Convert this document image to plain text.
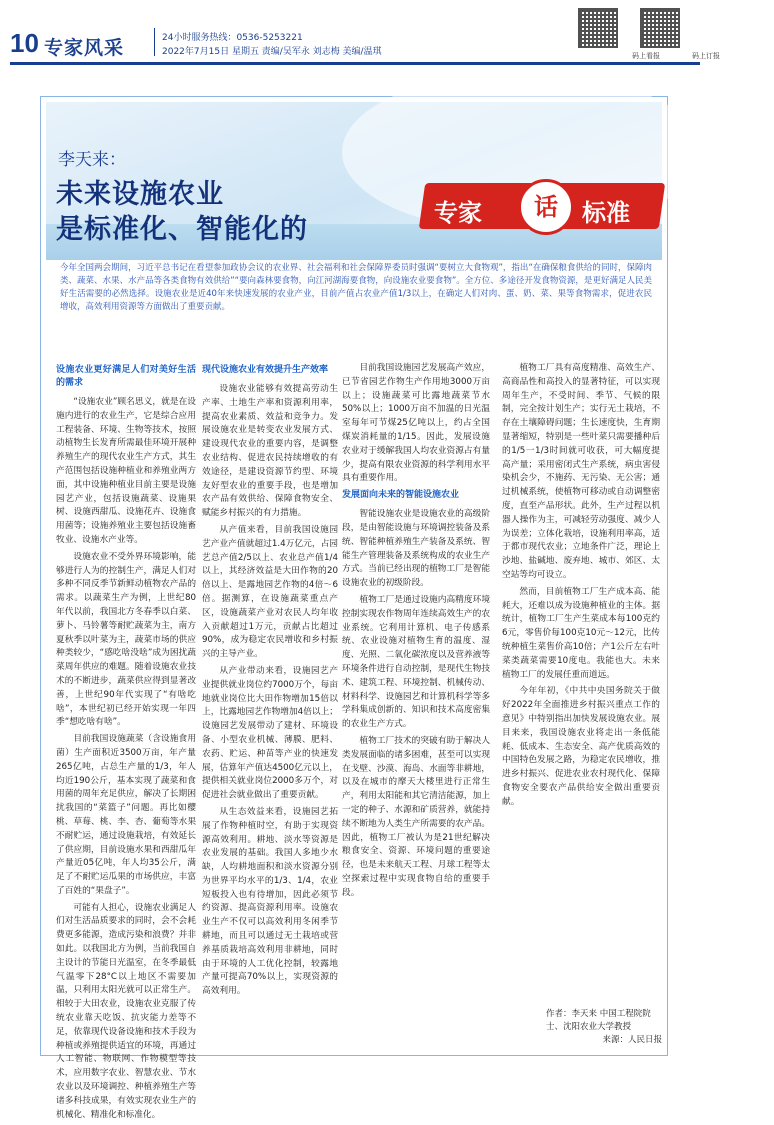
10 专家风采	24小时服务热线：0536-5253221
2022年7月15日 星期五 责编/吴军永 刘志梅 美编/温琪	码上看报	码上订报
李天来：
未来设施农业
是标准化、智能化的
专家	话	标准
今年全国两会期间，习近平总书记在看望参加政协会议的农业界、社会福利和社会保障界委员时强调“要树立大食物观”，指出“在确保粮食供给的同时，保障肉类、蔬菜、水果、水产品等各类食物有效供给”“要向森林要食物，向江河湖海要食物，向设施农业要食物”。全方位、多途径开发食物资源，是更好满足人民美好生活需要的必然选择。设施农业是近40年来快速发展的农业产业，目前产值占农业产值1/3以上，在确定人们对肉、蛋、奶、菜、果等食物需求，促进农民增收，高效利用资源等方面做出了重要贡献。
设施农业更好满足人们对美好生活的需求

“设施农业”顾名思义，就是在设施内进行的农业生产，它是综合应用工程装备、环境、生物等技术，按照动植物生长发育所需最佳环境开展种养殖生产的现代农业生产方式，其生产范围包括设施种植业和养殖业两方面，其中设施种植业目前主要是设施园艺产业，包括设施蔬菜、设施果树、设施西甜瓜、设施花卉、设施食用菌等；设施养殖业主要包括设施畜牧业、设施水产业等。

设施农业不受外界环境影响，能够进行人为的控制生产，满足人们对多种不同反季节新鲜动植物农产品的需求。以蔬菜生产为例，上世纪80年代以前，我国北方冬春季以白菜、萝卜、马铃薯等耐贮蔬菜为主，南方夏秋季以叶菜为主，蔬菜市场的供应种类较少，“感吃啥没啥”成为困扰蔬菜周年供应的难题。随着设施农业技术的不断进步，蔬菜供应得到显著改善，上世纪90年代实现了“有啥吃啥”，本世纪初已经开始实现一年四季“想吃啥有啥”。

目前我国设施蔬菜（含设施食用菌）生产面积近3500万亩，年产量265亿吨，占总生产量的1/3，年人均近190公斤，基本实现了蔬菜和食用菌的周年充足供应，解决了长期困扰我国的“菜篮子”问题。再比如樱桃、草莓、桃、李、杏、葡萄等水果不耐贮运，通过设施栽培，有效延长了供应期，目前设施水果和西甜瓜年产量近05亿吨，年人均35公斤，满足了不耐贮运瓜果的市场供应，丰富了百姓的“果盘子”。

可能有人担心，设施农业满足人们对生活品质要求的同时，会不会耗费更多能源，造成污染和浪费？并非如此。以我国北方为例，当前我国自主设计的节能日光温室，在冬季最低气温零下28°C以上地区不需要加温，只利用太阳光就可以正常生产。相较于大田农业，设施农业克服了传统农业靠天吃饭、抗灾能力差等不足，依靠现代设备设施和技术手段为种植或养殖提供适宜的环境，再通过人工智能、物联网、作物模型等技术，应用数字农业、智慧农业、节水农业以及环境调控、种植养殖生产等诸多科技成果，有效实现农业生产的机械化、精准化和标准化。

现代设施农业有效提升生产效率

设施农业能够有效提高劳动生产率、土地生产率和资源利用率，提高农业素质、效益和竞争力。发展设施农业是转变农业发展方式、建设现代农业的重要内容，是调整农业结构、促进农民持续增收的有效途径，是建设资源节约型、环境友好型农业的重要手段，也是增加农产品有效供给、保障食物安全、赋能乡村振兴的有力措施。

从产值来看，目前我国设施园艺产业产值就超过1.4万亿元，占园艺总产值2/5以上、农业总产值1/4以上，其经济效益是大田作物的20倍以上、是露地园艺作物的4倍～6倍。据测算，在设施蔬菜重点产区，设施蔬菜产业对农民人均年收入贡献超过1万元，贡献占比超过90%，成为稳定农民增收和乡村振兴的主导产业。

从产业带动来看，设施园艺产业提供就业岗位约7000万个，每亩地就业岗位比大田作物增加15倍以上，比露地园艺作物增加4倍以上；设施园艺发展带动了建材、环境设备、小型农业机械、薄膜、肥料、农药、贮运、种苗等产业的快速发展，估算年产值达4500亿元以上，提供相关就业岗位2000多万个，对促进社会就业做出了重要贡献。

从生态效益来看，设施园艺拓展了作物种植时空，有助于实现资源高效利用。耕地、淡水等资源是农业发展的基础。我国人多地少水缺，人均耕地面积和淡水资源分别为世界平均水平的1/3、1/4，农业短板投入也有待增加，因此必须节约资源、提高资源利用率。设施农业生产不仅可以高效利用冬闲季节耕地，而且可以通过无土栽培或营养基质栽培高效利用非耕地，同时由于环境的人工优化控制，较露地产量可提高70%以上，实现资源的高效利用。

目前我国设施园艺发展高产效应，已节省园艺作物生产作用地3000万亩以上；设施蔬菜可比露地蔬菜节水50%以上；1000万亩不加温的日光温室每年可节煤25亿吨以上，约占全国煤炭消耗量的1/15。因此，发展设施农业对于缓解我国人均农业资源占有量少，提高有限农业资源的科学利用水平具有重要作用。

发展面向未来的智能设施农业

智能设施农业是设施农业的高级阶段，是由智能设施与环境调控装备及系统、智能种植养殖生产装备及系统、智能生产管理装备及系统构成的农业生产方式。当前已经出现的植物工厂是智能设施农业的初级阶段。

植物工厂是通过设施内高精度环境控制实现农作物周年连续高效生产的农业系统。它利用计算机、电子传感系统、农业设施对植物生育的温度、湿度、光照、二氧化碳浓度以及营养液等环境条件进行自动控制，是现代生物技术、建筑工程、环境控制、机械传动、材料科学、设施园艺和计算机科学等多学科集成创新的、知识和技术高度密集的农业生产方式。

植物工厂技术的突破有助于解决人类发展面临的诸多困难，甚至可以实现在戈壁、沙漠、海岛、水面等非耕地，以及在城市的摩天大楼里进行正常生产，利用太阳能和其它清洁能源，加上一定的种子、水源和矿质营养，就能持续不断地为人类生产所需要的农产品。因此，植物工厂被认为是21世纪解决粮食安全、资源、环境问题的重要途径，也是未来航天工程、月球工程等太空探索过程中实现食物自给的重要手段。

植物工厂具有高度精准、高效生产、高商品性和高投入的显著特征，可以实现周年生产，不受时间、季节、气候的限制，完全按计划生产；实行无土栽培，不存在土壤障碍问题；生长速度快，生育期显著缩短，特别是一些叶菜只需要播种后的1/5一1/3时间就可收获，可大幅度提高产量；采用密闭式生产系统，病虫害侵染机会少，不施药、无污染、无公害；通过机械系统，使植物可移动或自动调整密度，直至产品形状。此外，生产过程以机器人操作为主，可减轻劳动强度、减少人为误差；立体化栽培，设施利用率高，适于都市现代农业；立地条件广泛，理论上沙地、盐碱地、废弃地、城市、郊区、太空站等均可设立。

然而，目前植物工厂生产成本高、能耗大，还难以成为设施种植业的主体。据统计，植物工厂生产生菜成本每100克约6元，零售价每100克10元～12元，比传统种植生菜售价高10倍；产1公斤左右叶菜类蔬菜需要10度电。我能也大。未来植物工厂的发展任重而道远。

今年年初，《中共中央国务院关于做好2022年全面推进乡村振兴重点工作的意见》中特别指出加快发展设施农业。展目来来，我国设施农业将走出一条低能耗、低成本、生态安全、高产优质高效的中国特色发展之路，为稳定农民增收，推进乡村振兴、促进农业农村现代化、保障食物安全要农产品供给安全做出重要贡献。

作者：李天来 中国工程院院士、沈阳农业大学教授
来源：人民日报
